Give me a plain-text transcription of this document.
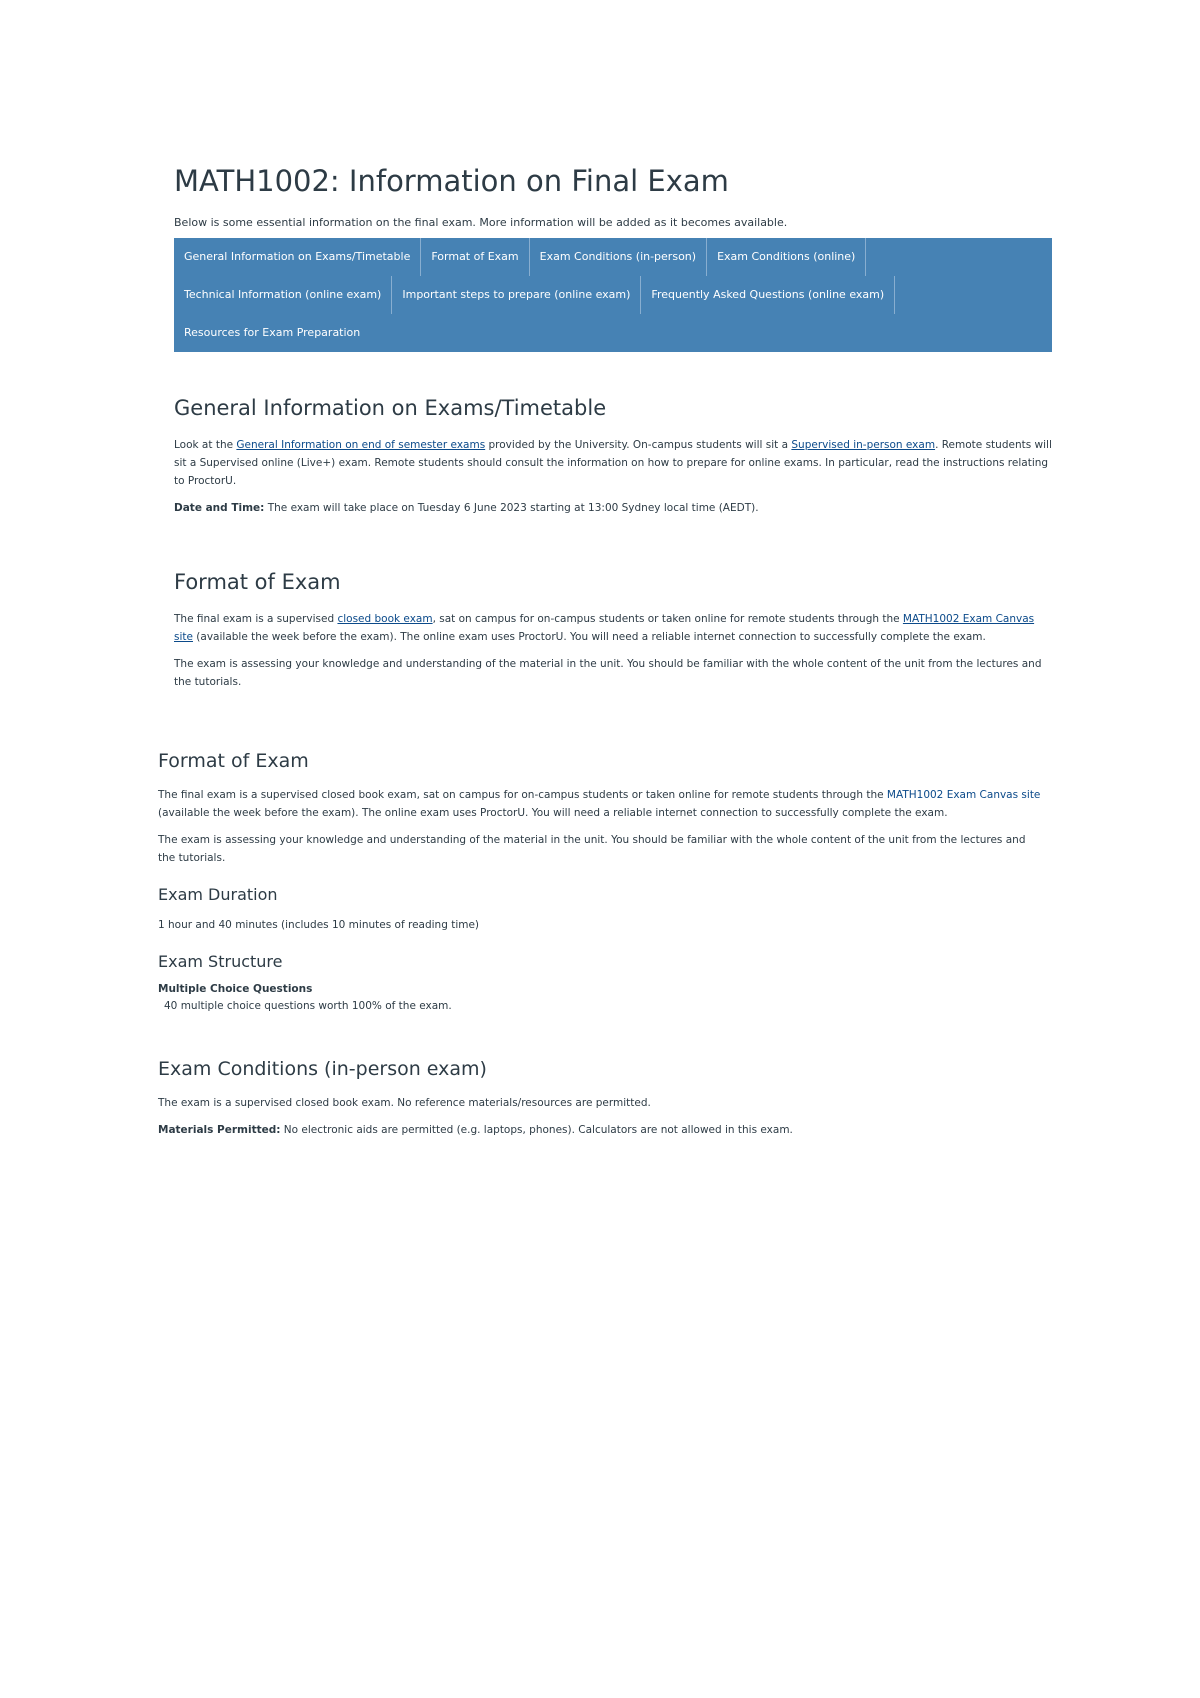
MATH1002: Information on Final Exam
Below is some essential information on the final exam. More information will be added as it becomes available.
General Information on Exams/Timetable	Format of Exam	Exam Conditions (in-person)	Exam Conditions (online)
Technical Information (online exam)	Important steps to prepare (online exam)	Frequently Asked Questions (online exam)
Resources for Exam Preparation
General Information on Exams/Timetable

Look at the General Information on end of semester exams provided by the University. On-campus students will sit a Supervised in-person exam. Remote students will sit a Supervised online (Live+) exam. Remote students should consult the information on how to prepare for online exams. In particular, read the instructions relating to ProctorU.

Date and Time: The exam will take place on Tuesday 6 June 2023 starting at 13:00 Sydney local time (AEDT).

Format of Exam

The final exam is a supervised closed book exam, sat on campus for on-campus students or taken online for remote students through the MATH1002 Exam Canvas site (available the week before the exam). The online exam uses ProctorU. You will need a reliable internet connection to successfully complete the exam.

The exam is assessing your knowledge and understanding of the material in the unit. You should be familiar with the whole content of the unit from the lectures and the tutorials.

Format of Exam

The final exam is a supervised closed book exam, sat on campus for on-campus students or taken online for remote students through the MATH1002 Exam Canvas site (available the week before the exam). The online exam uses ProctorU. You will need a reliable internet connection to successfully complete the exam.

The exam is assessing your knowledge and understanding of the material in the unit. You should be familiar with the whole content of the unit from the lectures and the tutorials.

Exam Duration

1 hour and 40 minutes (includes 10 minutes of reading time)

Exam Structure
Multiple Choice Questions

40 multiple choice questions worth 100% of the exam.

Exam Conditions (in-person exam)

The exam is a supervised closed book exam. No reference materials/resources are permitted.

Materials Permitted: No electronic aids are permitted (e.g. laptops, phones). Calculators are not allowed in this exam.
